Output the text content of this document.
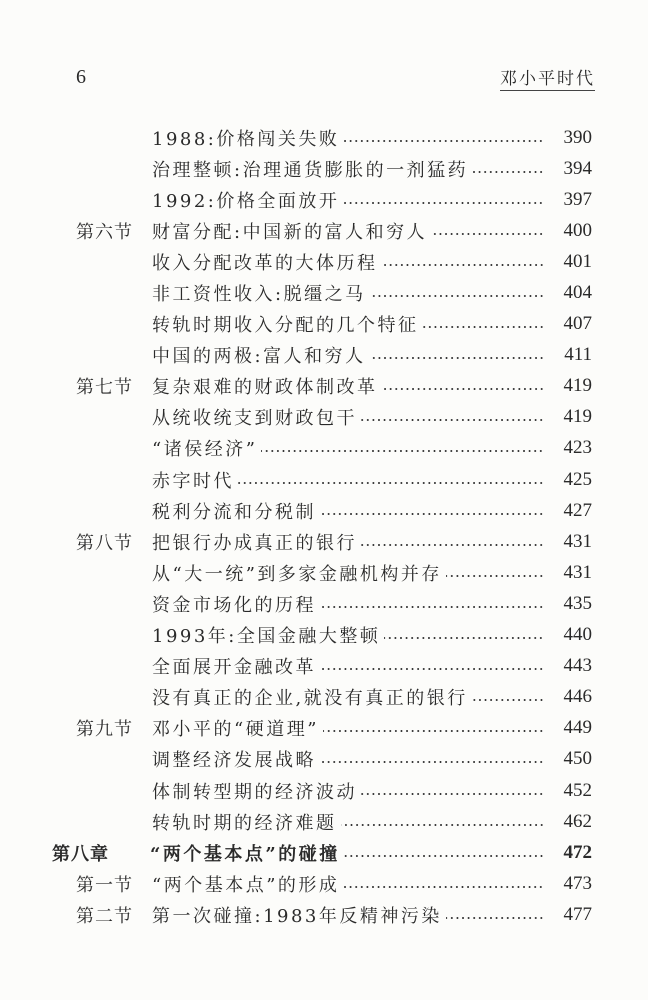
6	邓小平时代
1988:价格闯关失败	390
治理整顿:治理通货膨胀的一剂猛药	394
1992:价格全面放开	397
第六节 财富分配:中国新的富人和穷人	400
收入分配改革的大体历程	401
非工资性收入:脱缰之马	404
转轨时期收入分配的几个特征	407
中国的两极:富人和穷人	411
第七节 复杂艰难的财政体制改革	419
从统收统支到财政包干	419
“诸侯经济”	423
赤字时代	425
税利分流和分税制	427
第八节 把银行办成真正的银行	431
从“大一统”到多家金融机构并存	431
资金市场化的历程	435
1993年:全国金融大整顿	440
全面展开金融改革	443
没有真正的企业,就没有真正的银行	446
第九节 邓小平的“硬道理”	449
调整经济发展战略	450
体制转型期的经济波动	452
转轨时期的经济难题	462
第八章 “两个基本点”的碰撞	472
第一节 “两个基本点”的形成	473
第二节 第一次碰撞:1983年反精神污染	477
